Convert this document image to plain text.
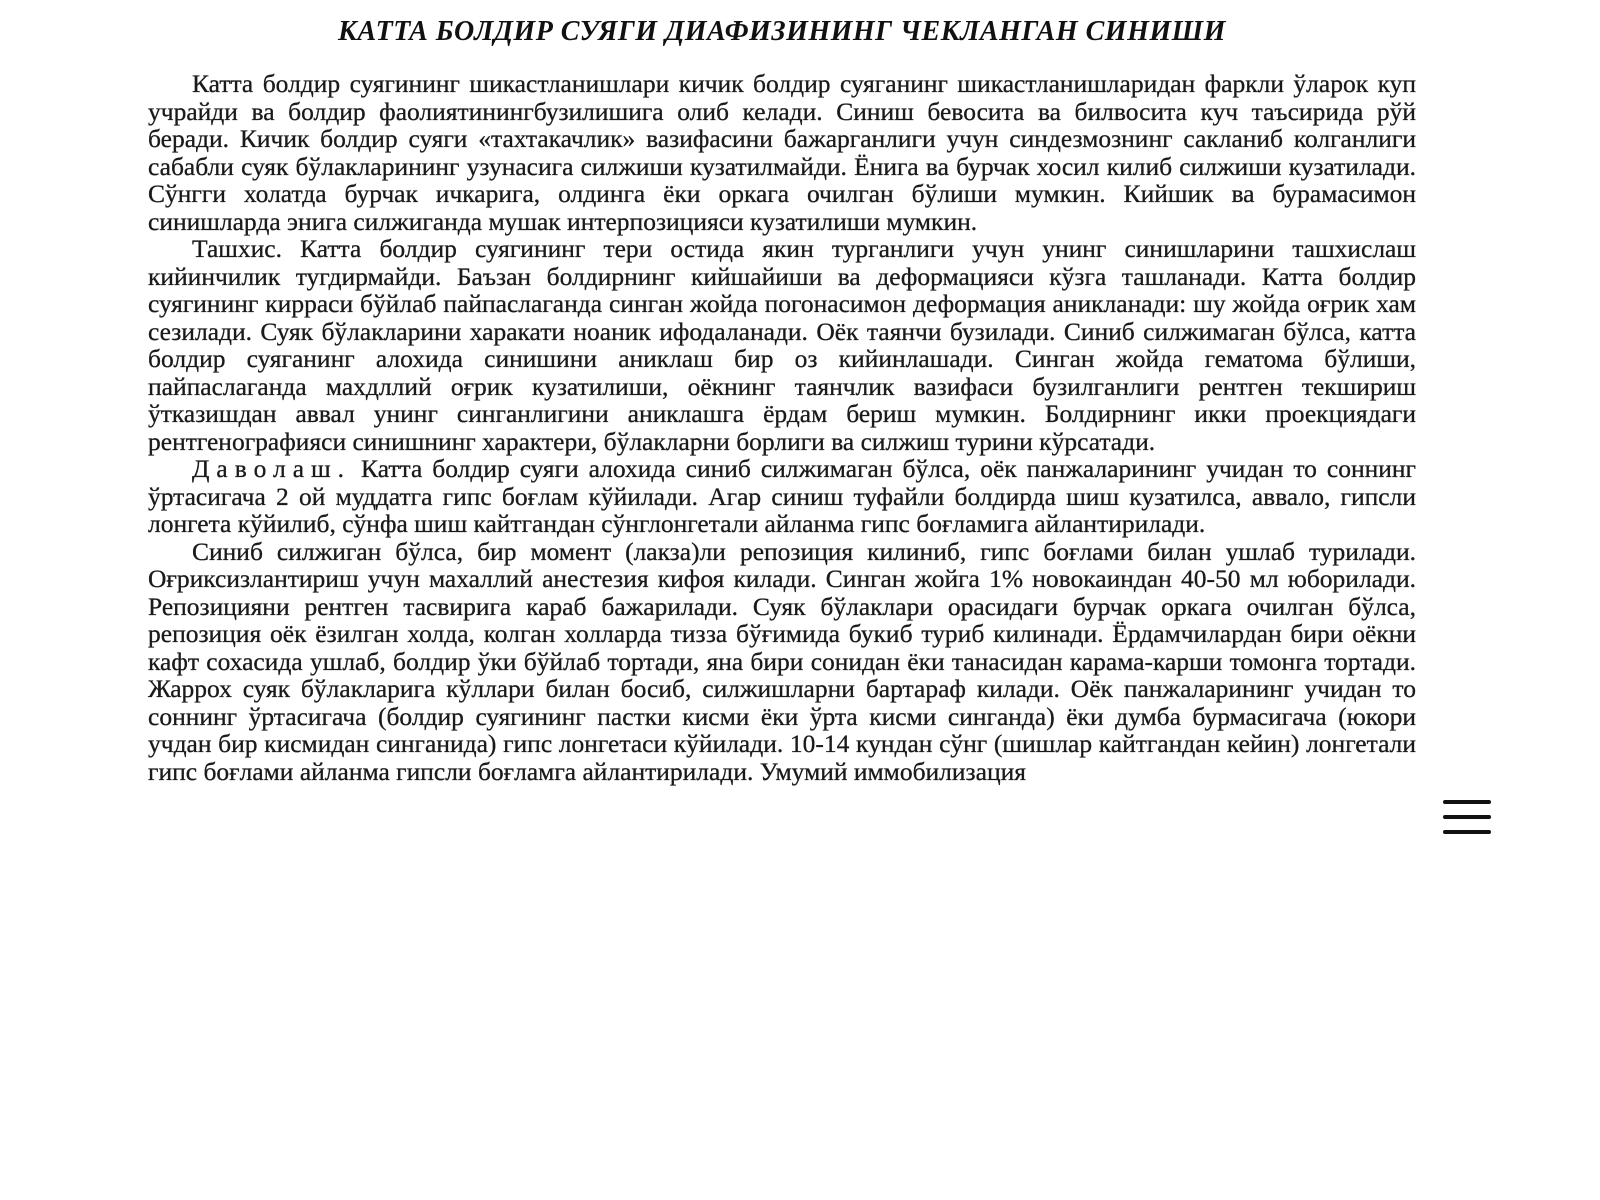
КАТТА БОЛДИР СУЯГИ ДИАФИЗИНИНГ ЧЕКЛАНГАН СИНИШИ

Катта болдир суягининг шикастланишлари кичик болдир суяганинг шикастланишларидан фаркли ўларок куп учрайди ва болдир фаолиятинингбузилишига олиб келади. Синиш бевосита ва билвосита куч таъсирида рўй беради. Кичик болдир суяги «тахтакачлик» вазифасини бажарганлиги учун синдезмознинг сакланиб колганлиги сабабли суяк бўлакларининг узунасига силжиши кузатилмайди. Ёнига ва бурчак хосил килиб силжиши кузатилади. Сўнгги холатда бурчак ичкарига, олдинга ёки оркага очилган бўлиши мумкин. Кийшик ва бурамасимон синишларда энига силжиганда мушак интерпозицияси кузатилиши мумкин.

Ташхис. Катта болдир суягининг тери остида якин турганлиги учун унинг синишларини ташхислаш кийинчилик тугдирмайди. Баъзан болдирнинг кийшайиши ва деформацияси кўзга ташланади. Катта болдир суягининг кирраси бўйлаб пайпаслаганда синган жойда погонасимон деформация аникланади: шу жойда оғрик хам сезилади. Суяк бўлакларини харакати ноаник ифодаланади. Оёк таянчи бузилади. Синиб силжимаган бўлса, катта болдир суяганинг алохида синишини аниклаш бир оз кийинлашади. Синган жойда гематома бўлиши, пайпаслаганда махдллий оғрик кузатилиши, оёкнинг таянчлик вазифаси бузилганлиги рентген текшириш ўтказишдан аввал унинг синганлигини аниклашга ёрдам бериш мумкин. Болдирнинг икки проекциядаги рентгенографияси синишнинг характери, бўлакларни борлиги ва силжиш турини кўрсатади.

Даволаш. Катта болдир суяги алохида синиб силжимаган бўлса, оёк панжаларининг учидан то соннинг ўртасигача 2 ой муддатга гипс боғлам кўйилади. Агар синиш туфайли болдирда шиш кузатилса, аввало, гипсли лонгета кўйилиб, сўнфа шиш кайтгандан сўнглонгетали айланма гипс боғламига айлантирилади.

Синиб силжиган бўлса, бир момент (лакза)ли репозиция килиниб, гипс боғлами билан ушлаб турилади. Оғриксизлантириш учун махаллий анестезия кифоя килади. Синган жойга 1% новокаиндан 40-50 мл юборилади. Репозицияни рентген тасвирига караб бажарилади. Суяк бўлаклари орасидаги бурчак оркага очилган бўлса, репозиция оёк ёзилган холда, колган холларда тизза бўғимида букиб туриб килинади. Ёрдамчилардан бири оёкни кафт сохасида ушлаб, болдир ўки бўйлаб тортади, яна бири сонидан ёки танасидан карама-карши томонга тортади. Жаррох суяк бўлакларига кўллари билан босиб, силжишларни бартараф килади. Оёк панжаларининг учидан то соннинг ўртасигача (болдир суягининг пастки кисми ёки ўрта кисми синганда) ёки думба бурмасигача (юкори учдан бир кисмидан синганида) гипс лонгетаси кўйилади. 10-14 кундан сўнг (шишлар кайтгандан кейин) лонгетали гипс боғлами айланма гипсли боғламга айлантирилади. Умумий иммобилизация
